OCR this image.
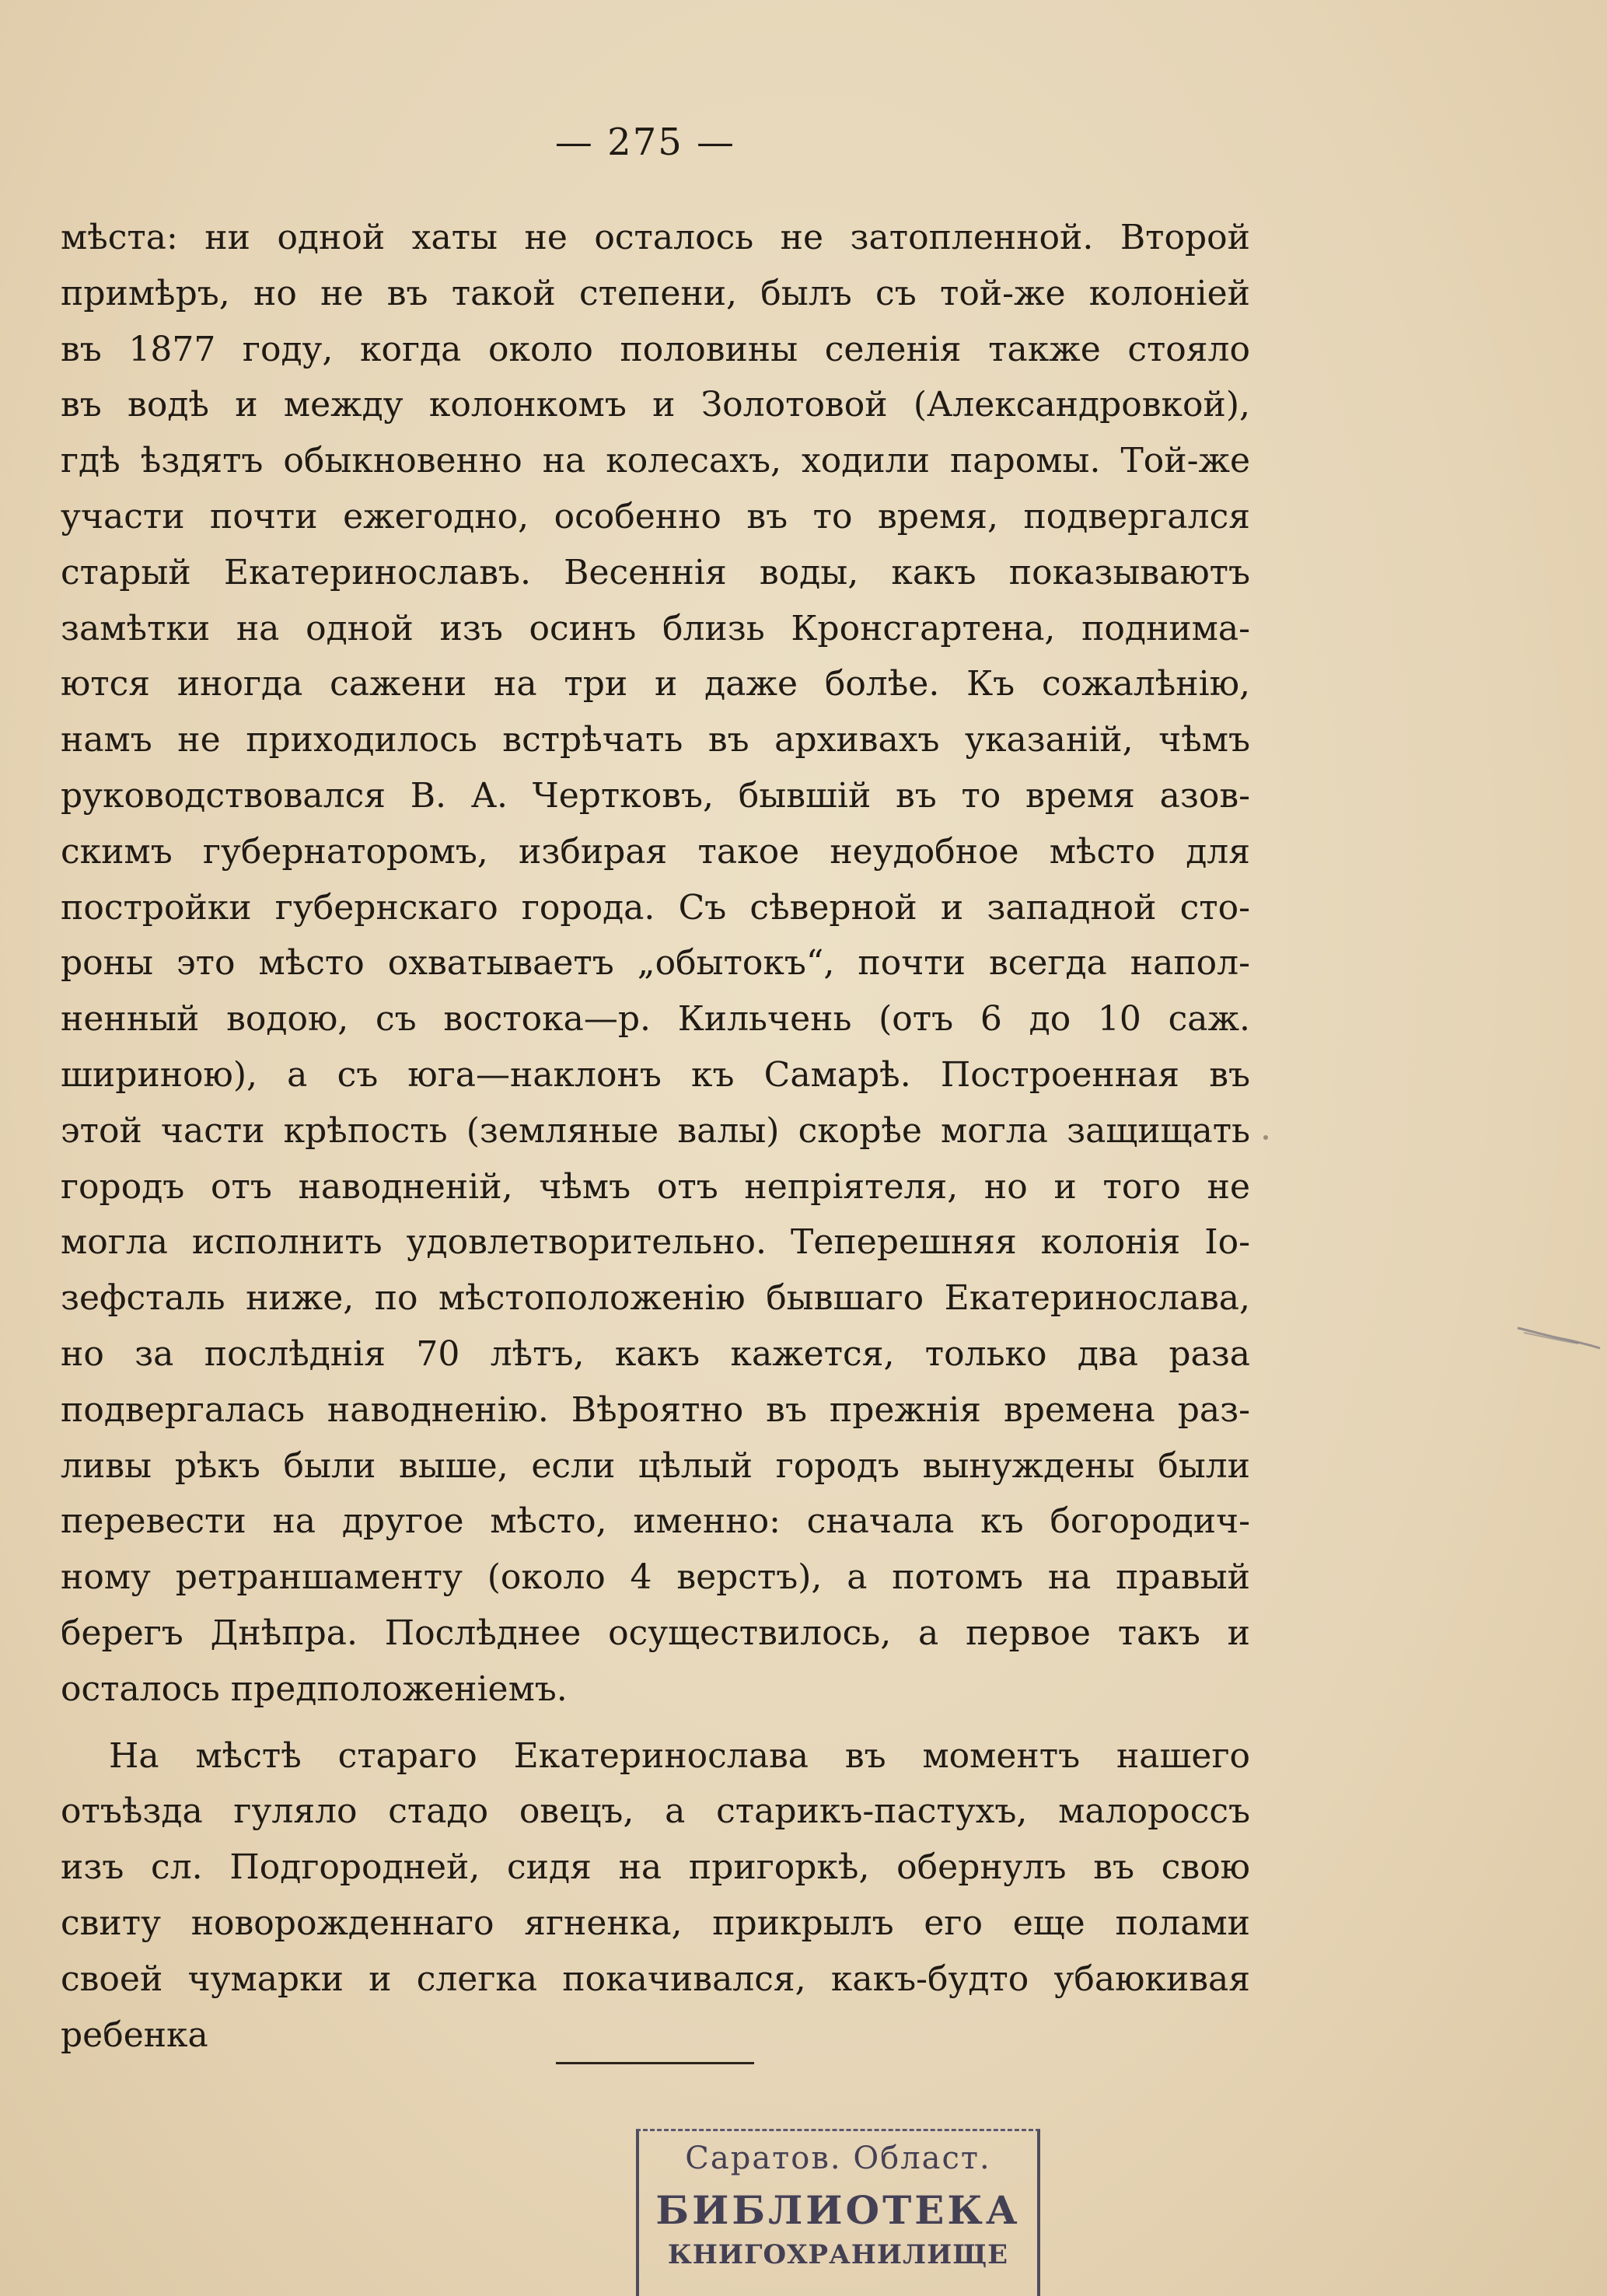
— 275 —
мѣста: ни одной хаты не осталось не затопленной. Второй
примѣръ, но не въ такой степени, былъ съ той-же колоніей
въ 1877 году, когда около половины селенія также стояло
въ водѣ и между колонкомъ и Золотовой (Александровкой),
гдѣ ѣздятъ обыкновенно на колесахъ, ходили паромы. Той-же
участи почти ежегодно, особенно въ то время, подвергался
старый Екатеринославъ. Весеннія воды, какъ показываютъ
замѣтки на одной изъ осинъ близь Кронсгартена, поднима-
ются иногда сажени на три и даже болѣе. Къ сожалѣнію,
намъ не приходилось встрѣчать въ архивахъ указаній, чѣмъ
руководствовался В. А. Чертковъ, бывшій въ то время азов-
скимъ губернаторомъ, избирая такое неудобное мѣсто для
постройки губернскаго города. Съ сѣверной и западной сто-
роны это мѣсто охватываетъ „обытокъ“, почти всегда напол-
ненный водою, съ востока—р. Кильчень (отъ 6 до 10 саж.
шириною), а съ юга—наклонъ къ Самарѣ. Построенная въ
этой части крѣпость (земляные валы) скорѣе могла защищать
городъ отъ наводненій, чѣмъ отъ непріятеля, но и того не
могла исполнить удовлетворительно. Теперешняя колонія Іо-
зефсталь ниже, по мѣстоположенію бывшаго Екатеринослава,
но за послѣднія 70 лѣтъ, какъ кажется, только два раза
подвергалась наводненію. Вѣроятно въ прежнія времена раз-
ливы рѣкъ были выше, если цѣлый городъ вынуждены были
перевести на другое мѣсто, именно: сначала къ богородич-
ному ретраншаменту (около 4 верстъ), а потомъ на правый
берегъ Днѣпра. Послѣднее осуществилось, а первое такъ и
осталось предположеніемъ.
На мѣстѣ стараго Екатеринослава въ моментъ нашего
отъѣзда гуляло стадо овецъ, а старикъ-пастухъ, малороссъ
изъ сл. Подгородней, сидя на пригоркѣ, обернулъ въ свою
свиту новорожденнаго ягненка, прикрылъ его еще полами
своей чумарки и слегка покачивался, какъ-будто убаюкивая
ребенка
Саратов. Област.
БИБЛИОТЕКА
КНИГОХРАНИЛИЩЕ
